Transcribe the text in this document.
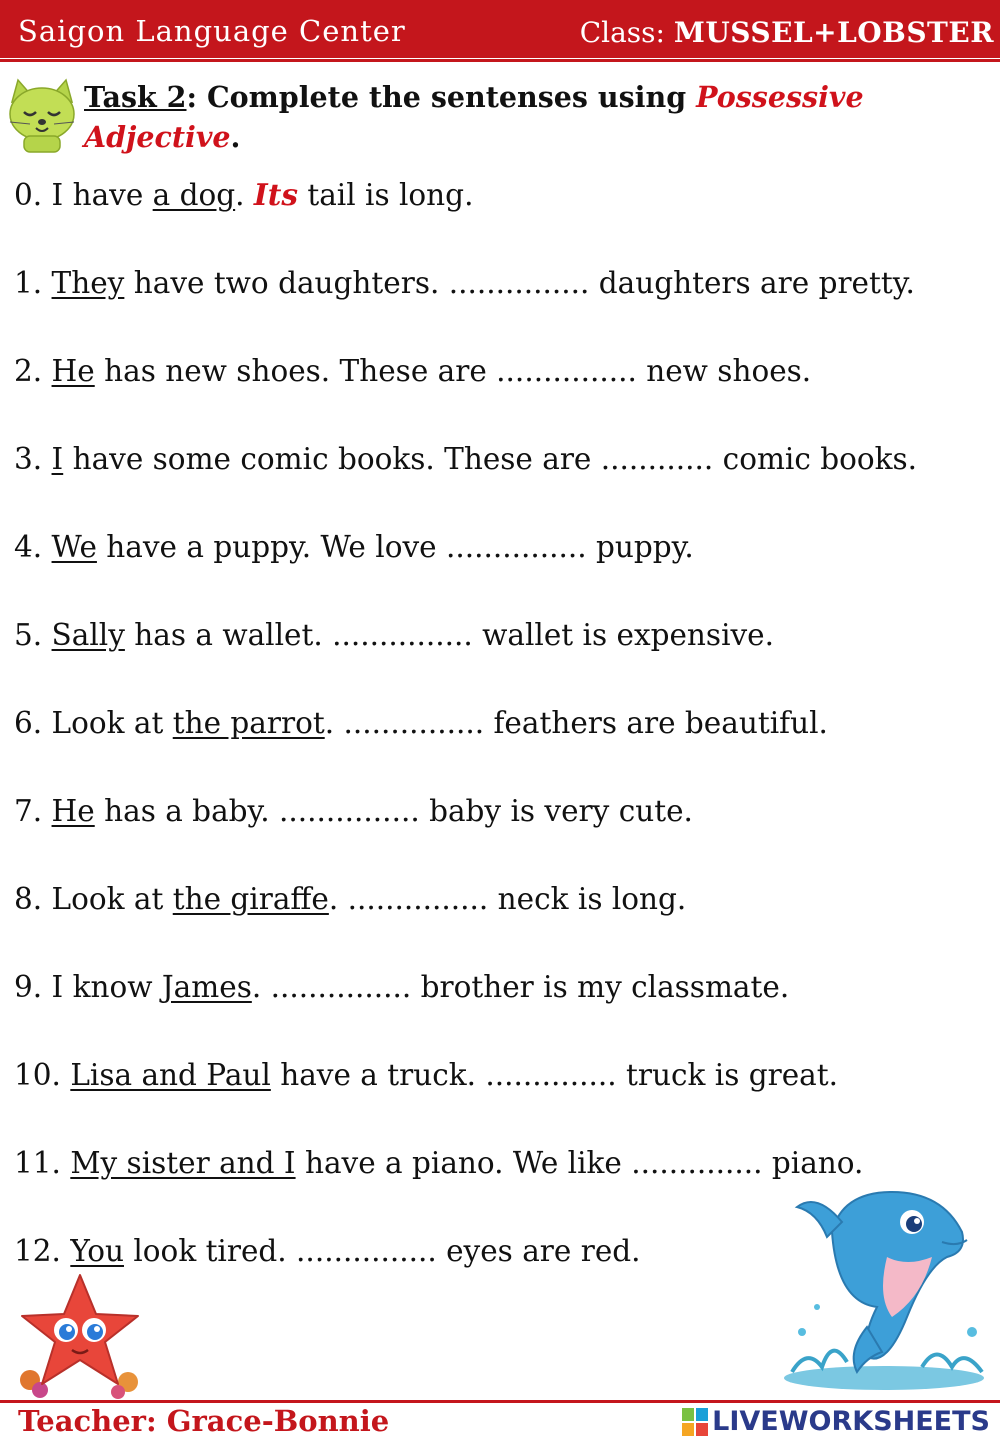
Saigon Language Center	Class: MUSSEL+LOBSTER
Task 2: Complete the sentenses using Possessive Adjective.
0. I have a dog. Its tail is long.
1. They have two daughters. ............... daughters are pretty.
2. He has new shoes. These are ............... new shoes.
3. I have some comic books. These are ............ comic books.
4. We have a puppy. We love ............... puppy.
5. Sally has a wallet. ............... wallet is expensive.
6. Look at the parrot. ............... feathers are beautiful.
7. He has a baby. ............... baby is very cute.
8. Look at the giraffe. ............... neck is long.
9. I know James. ............... brother is my classmate.
10. Lisa and Paul have a truck. .............. truck is great.
11. My sister and I have a piano. We like .............. piano.
12. You look tired. ............... eyes are red.
Teacher: Grace-Bonnie	LIVEWORKSHEETS
